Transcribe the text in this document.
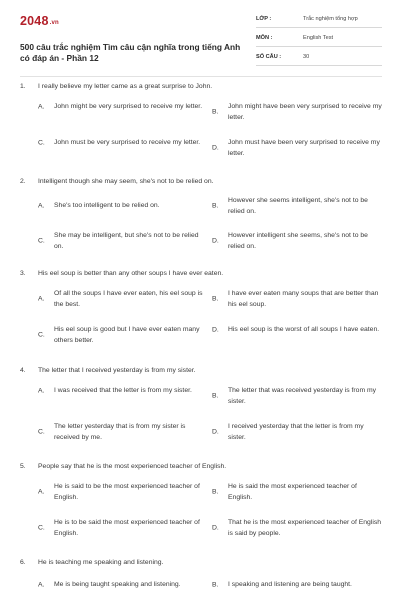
2048.vn
500 câu trắc nghiệm Tìm câu cận nghĩa trong tiếng Anh có đáp án - Phần 12
LỚP :	Trắc nghiệm tổng hợp
MÔN :	English Test
SỐ CÂU :	30
1. I really believe my letter came as a great surprise to John.
A. John might be very surprised to receive my letter.
B.
John might have been very surprised to receive my letter.
C. John must be very surprised to receive my letter.
D.
John must have been very surprised to receive my letter.
2. Intelligent though she may seem, she's not to be relied on.
A. She's too intelligent to be relied on.	B.
However she seems intelligent, she's not to be relied on.
C.
She may be intelligent, but she's not to be relied on.
D.
However intelligent she seems, she's not to be relied on.
3. His eel soup is better than any other soups I have ever eaten.
A.
Of all the soups I have ever eaten, his eel soup is the best.
B.
I have ever eaten many soups that are better than his eel soup.
C.
His eel soup is good but I have ever eaten many others better.
D. His eel soup is the worst of all soups I have eaten.
4. The letter that I received yesterday is from my sister.
A. I was received that the letter is from my sister.
B.
The letter that was received yesterday is from my sister.
C.
The letter yesterday that is from my sister is received by me.
D.
I received yesterday that the letter is from my sister.
5. People say that he is the most experienced teacher of English.
A.
He is said to be the most experienced teacher of English.
B.
He is said the most experienced teacher of English.
C.
He is to be said the most experienced teacher of English.
D.
That he is the most experienced teacher of English is said by people.
6. He is teaching me speaking and listening.
A. Me is being taught speaking and listening.	B. I speaking and listening are being taught.
